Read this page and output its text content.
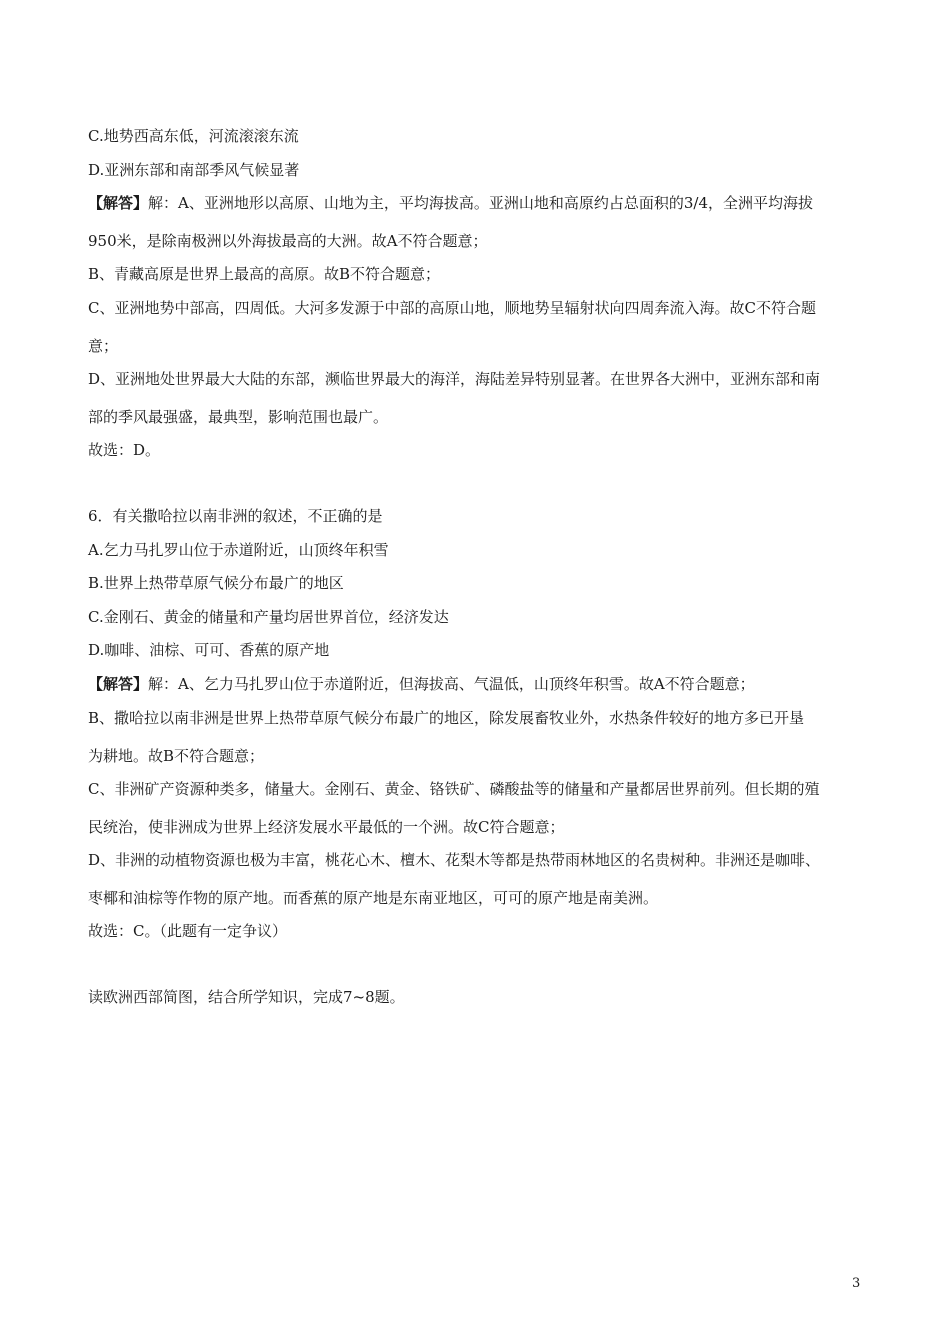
C.地势西高东低，河流滚滚东流
D.亚洲东部和南部季风气候显著
【解答】解：A、亚洲地形以高原、山地为主，平均海拔高。亚洲山地和高原约占总面积的3/4，全洲平均海拔
950米，是除南极洲以外海拔最高的大洲。故A不符合题意；
B、青藏高原是世界上最高的高原。故B不符合题意；
C、亚洲地势中部高，四周低。大河多发源于中部的高原山地，顺地势呈辐射状向四周奔流入海。故C不符合题
意；
D、亚洲地处世界最大大陆的东部，濒临世界最大的海洋，海陆差异特别显著。在世界各大洲中，亚洲东部和南
部的季风最强盛，最典型，影响范围也最广。
故选：D。
6．有关撒哈拉以南非洲的叙述，不正确的是
A.乞力马扎罗山位于赤道附近，山顶终年积雪
B.世界上热带草原气候分布最广的地区
C.金刚石、黄金的储量和产量均居世界首位，经济发达
D.咖啡、油棕、可可、香蕉的原产地
【解答】解：A、乞力马扎罗山位于赤道附近，但海拔高、气温低，山顶终年积雪。故A不符合题意；
B、撒哈拉以南非洲是世界上热带草原气候分布最广的地区，除发展畜牧业外，水热条件较好的地方多已开垦
为耕地。故B不符合题意；
C、非洲矿产资源种类多，储量大。金刚石、黄金、铬铁矿、磷酸盐等的储量和产量都居世界前列。但长期的殖
民统治，使非洲成为世界上经济发展水平最低的一个洲。故C符合题意；
D、非洲的动植物资源也极为丰富，桃花心木、檀木、花梨木等都是热带雨林地区的名贵树种。非洲还是咖啡、
枣椰和油棕等作物的原产地。而香蕉的原产地是东南亚地区，可可的原产地是南美洲。
故选：C。（此题有一定争议）
读欧洲西部简图，结合所学知识，完成7~8题。
3
